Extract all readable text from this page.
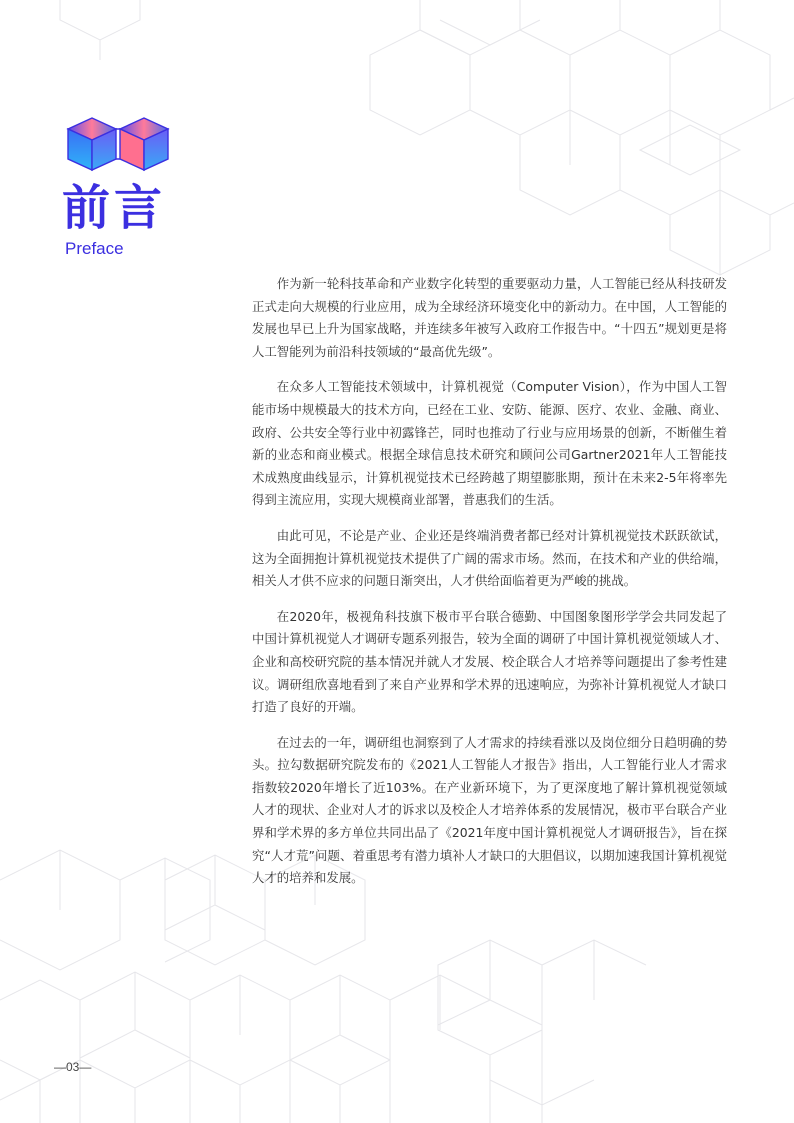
前言
Preface

作为新一轮科技革命和产业数字化转型的重要驱动力量，人工智能已经从科技研发正式走向大规模的行业应用，成为全球经济环境变化中的新动力。在中国，人工智能的发展也早已上升为国家战略，并连续多年被写入政府工作报告中。“十四五”规划更是将人工智能列为前沿科技领域的“最高优先级”。

在众多人工智能技术领域中，计算机视觉（Computer Vision），作为中国人工智能市场中规模最大的技术方向，已经在工业、安防、能源、医疗、农业、金融、商业、政府、公共安全等行业中初露锋芒，同时也推动了行业与应用场景的创新，不断催生着新的业态和商业模式。根据全球信息技术研究和顾问公司Gartner2021年人工智能技术成熟度曲线显示，计算机视觉技术已经跨越了期望膨胀期，预计在未来2-5年将率先得到主流应用，实现大规模商业部署，普惠我们的生活。

由此可见，不论是产业、企业还是终端消费者都已经对计算机视觉技术跃跃欲试，这为全面拥抱计算机视觉技术提供了广阔的需求市场。然而，在技术和产业的供给端，相关人才供不应求的问题日渐突出，人才供给面临着更为严峻的挑战。

在2020年，极视角科技旗下极市平台联合德勤、中国图象图形学学会共同发起了中国计算机视觉人才调研专题系列报告，较为全面的调研了中国计算机视觉领域人才、企业和高校研究院的基本情况并就人才发展、校企联合人才培养等问题提出了参考性建议。调研组欣喜地看到了来自产业界和学术界的迅速响应，为弥补计算机视觉人才缺口打造了良好的开端。

在过去的一年，调研组也洞察到了人才需求的持续看涨以及岗位细分日趋明确的势头。拉勾数据研究院发布的《2021人工智能人才报告》指出，人工智能行业人才需求指数较2020年增长了近103%。在产业新环境下，为了更深度地了解计算机视觉领域人才的现状、企业对人才的诉求以及校企人才培养体系的发展情况，极市平台联合产业界和学术界的多方单位共同出品了《2021年度中国计算机视觉人才调研报告》，旨在探究“人才荒”问题、着重思考有潜力填补人才缺口的大胆倡议，以期加速我国计算机视觉人才的培养和发展。

—03—
